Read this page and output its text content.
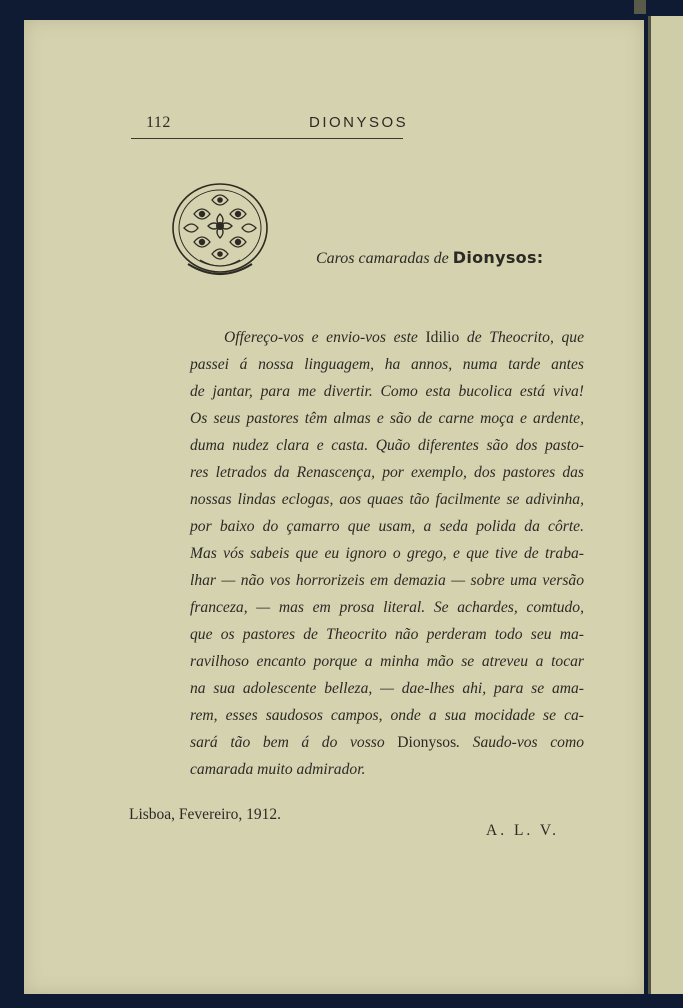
112	DIONYSOS
Caros camaradas de Dionysos:
Offereço-vos e envio-vos este Idilio de Theocrito, que
passei á nossa linguagem, ha annos, numa tarde antes
de jantar, para me divertir. Como esta bucolica está viva!
Os seus pastores têm almas e são de carne moça e ardente,
duma nudez clara e casta. Quão diferentes são dos pasto-
res letrados da Renascença, por exemplo, dos pastores das
nossas lindas eclogas, aos quaes tão facilmente se adivinha,
por baixo do çamarro que usam, a seda polida da côrte.
Mas vós sabeis que eu ignoro o grego, e que tive de traba-
lhar — não vos horrorizeis em demazia — sobre uma versão
franceza, — mas em prosa literal. Se achardes, comtudo,
que os pastores de Theocrito não perderam todo seu ma-
ravilhoso encanto porque a minha mão se atreveu a tocar
na sua adolescente belleza, — dae-lhes ahi, para se ama-
rem, esses saudosos campos, onde a sua mocidade se ca-
sará tão bem á do vosso Dionysos. Saudo-vos como
camarada muito admirador.
Lisboa, Fevereiro, 1912.
A. L. V.
